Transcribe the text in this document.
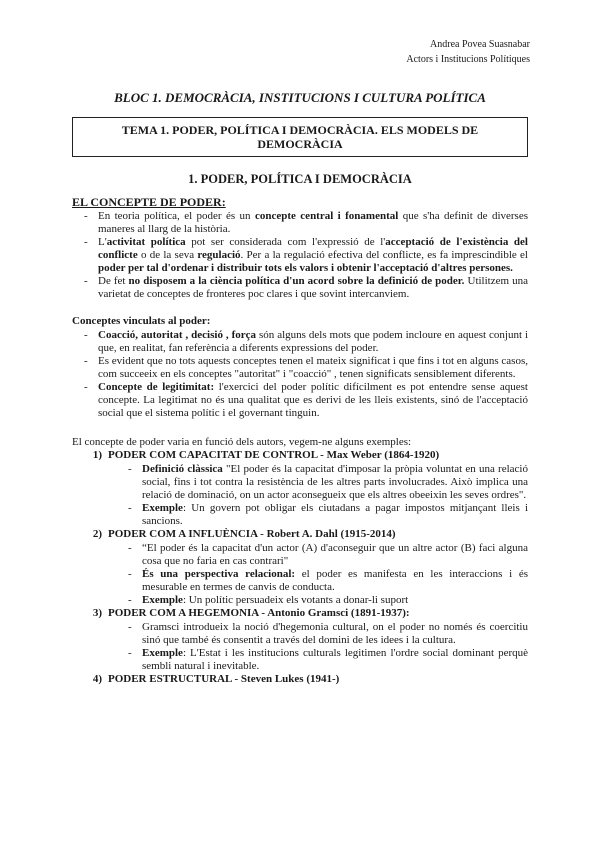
Andrea Povea Suasnabar
Actors i Institucions Polítiques
BLOC 1. DEMOCRÀCIA, INSTITUCIONS I CULTURA POLÍTICA
TEMA 1. PODER, POLÍTICA I DEMOCRÀCIA. ELS MODELS DE DEMOCRÀCIA
1. PODER, POLÍTICA I DEMOCRÀCIA
EL CONCEPTE DE PODER:
- En teoria política, el poder és un concepte central i fonamental que s'ha definit de diverses maneres al llarg de la història.
- L'activitat política pot ser considerada com l'expressió de l'acceptació de l'existència del conflicte o de la seva regulació. Per a la regulació efectiva del conflicte, es fa imprescindible el poder per tal d'ordenar i distribuir tots els valors i obtenir l'acceptació d'altres persones.
- De fet no disposem a la ciència política d'un acord sobre la definició de poder. Utilitzem una varietat de conceptes de fronteres poc clares i que sovint intercanviem.
Conceptes vinculats al poder:
- Coacció, autoritat , decisió , força són alguns dels mots que podem incloure en aquest conjunt i que, en realitat, fan referència a diferents expressions del poder.
- Es evident que no tots aquests conceptes tenen el mateix significat i que fins i tot en alguns casos, com succeeix en els conceptes "autoritat" i "coacció" , tenen significats sensiblement diferents.
- Concepte de legitimitat: l'exercici del poder polític difícilment es pot entendre sense aquest concepte. La legitimat no és una qualitat que es derivi de les lleis existents, sinó de l'acceptació social que el sistema polític i el governant tinguin.
El concepte de poder varia en funció dels autors, vegem-ne alguns exemples:
1) PODER COM CAPACITAT DE CONTROL - Max Weber (1864-1920)
- Definició clàssica "El poder és la capacitat d'imposar la pròpia voluntat en una relació social, fins i tot contra la resistència de les altres parts involucrades. Això implica una relació de dominació, on un actor aconsegueix que els altres obeeixin les seves ordres".
- Exemple: Un govern pot obligar els ciutadans a pagar impostos mitjançant lleis i sancions.
2) PODER COM A INFLUÈNCIA - Robert A. Dahl (1915-2014)
- “El poder és la capacitat d'un actor (A) d'aconseguir que un altre actor (B) faci alguna cosa que no faria en cas contrari"
- És una perspectiva relacional: el poder es manifesta en les interaccions i és mesurable en termes de canvis de conducta.
- Exemple: Un polític persuadeix els votants a donar-li suport
3) PODER COM A HEGEMONIA - Antonio Gramsci (1891-1937):
- Gramsci introdueix la noció d'hegemonia cultural, on el poder no només és coercitiu sinó que també és consentit a través del domini de les idees i la cultura.
- Exemple: L'Estat i les institucions culturals legitimen l'ordre social dominant perquè sembli natural i inevitable.
4) PODER ESTRUCTURAL - Steven Lukes (1941-)
